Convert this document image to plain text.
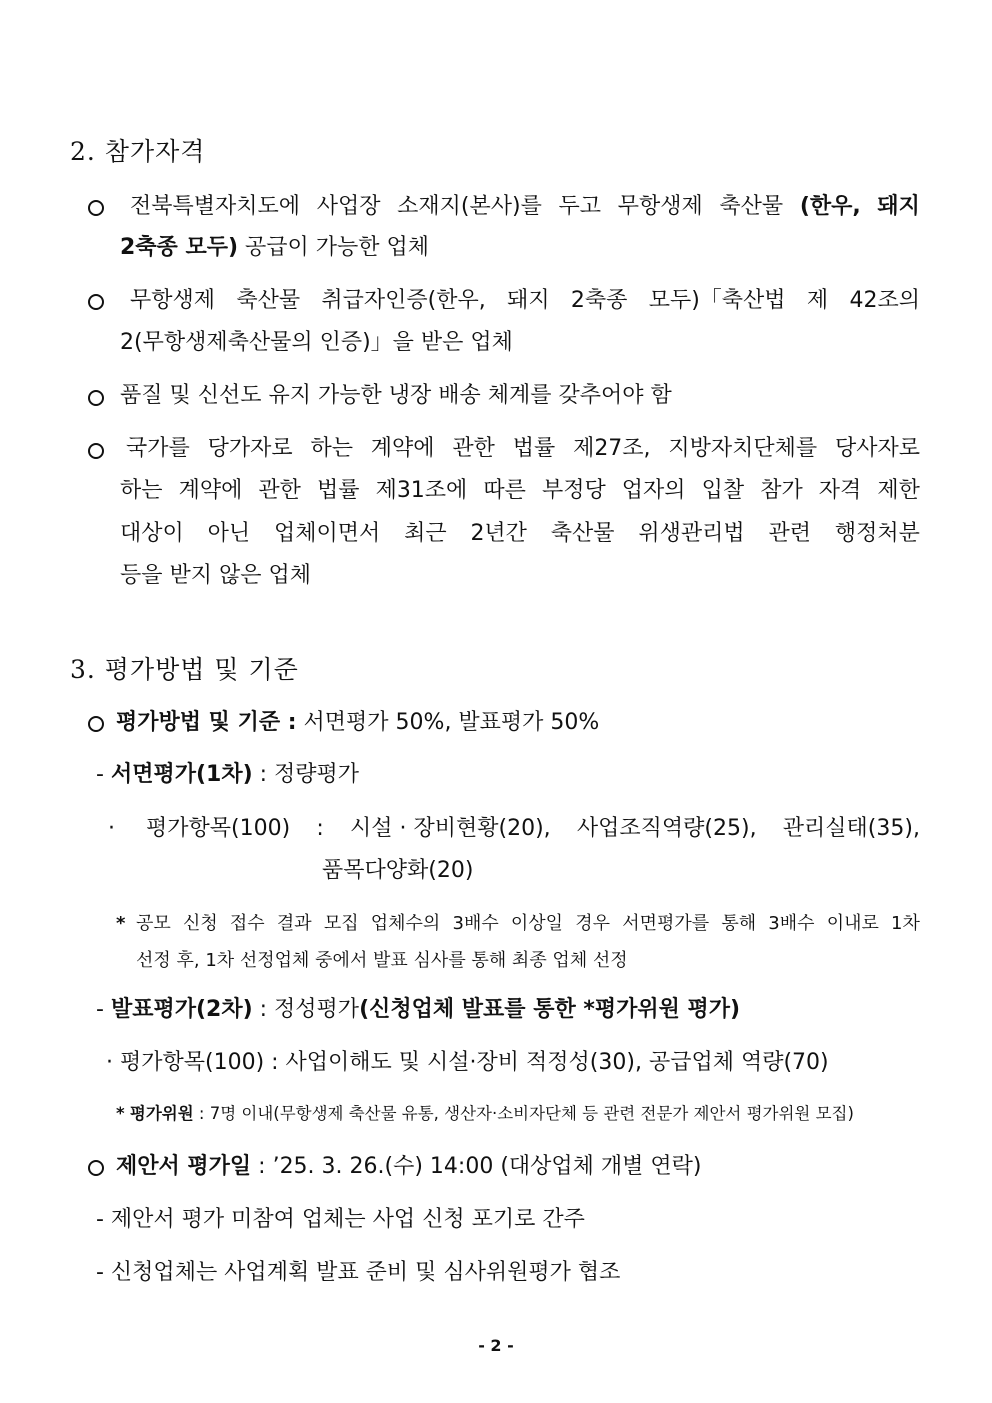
2. 참가자격
전북특별자치도에 사업장 소재지(본사)를 두고 무항생제 축산물 (한우, 돼지
2축종 모두) 공급이 가능한 업체
무항생제 축산물 취급자인증(한우, 돼지 2축종 모두)「축산법 제 42조의
2(무항생제축산물의 인증)」을 받은 업체
품질 및 신선도 유지 가능한 냉장 배송 체계를 갖추어야 함
국가를 당가자로 하는 계약에 관한 법률 제27조, 지방자치단체를 당사자로
하는 계약에 관한 법률 제31조에 따른 부정당 업자의 입찰 참가 자격 제한
대상이 아닌 업체이면서 최근 2년간 축산물 위생관리법 관련 행정처분
등을 받지 않은 업체
3. 평가방법 및 기준
평가방법 및 기준 : 서면평가 50%, 발표평가 50%
- 서면평가(1차) : 정량평가
· 평가항목(100) : 시설 · 장비현황(20), 사업조직역량(25), 관리실태(35),
품목다양화(20)
* 공모 신청 접수 결과 모집 업체수의 3배수 이상일 경우 서면평가를 통해 3배수 이내로 1차
선정 후, 1차 선정업체 중에서 발표 심사를 통해 최종 업체 선정
- 발표평가(2차) : 정성평가(신청업체 발표를 통한 *평가위원 평가)
· 평가항목(100) : 사업이해도 및 시설·장비 적정성(30), 공급업체 역량(70)
* 평가위원 : 7명 이내(무항생제 축산물 유통, 생산자·소비자단체 등 관련 전문가 제안서 평가위원 모집)
제안서 평가일 : ’25. 3. 26.(수) 14:00 (대상업체 개별 연락)
- 제안서 평가 미참여 업체는 사업 신청 포기로 간주
- 신청업체는 사업계획 발표 준비 및 심사위원평가 협조
- 2 -
